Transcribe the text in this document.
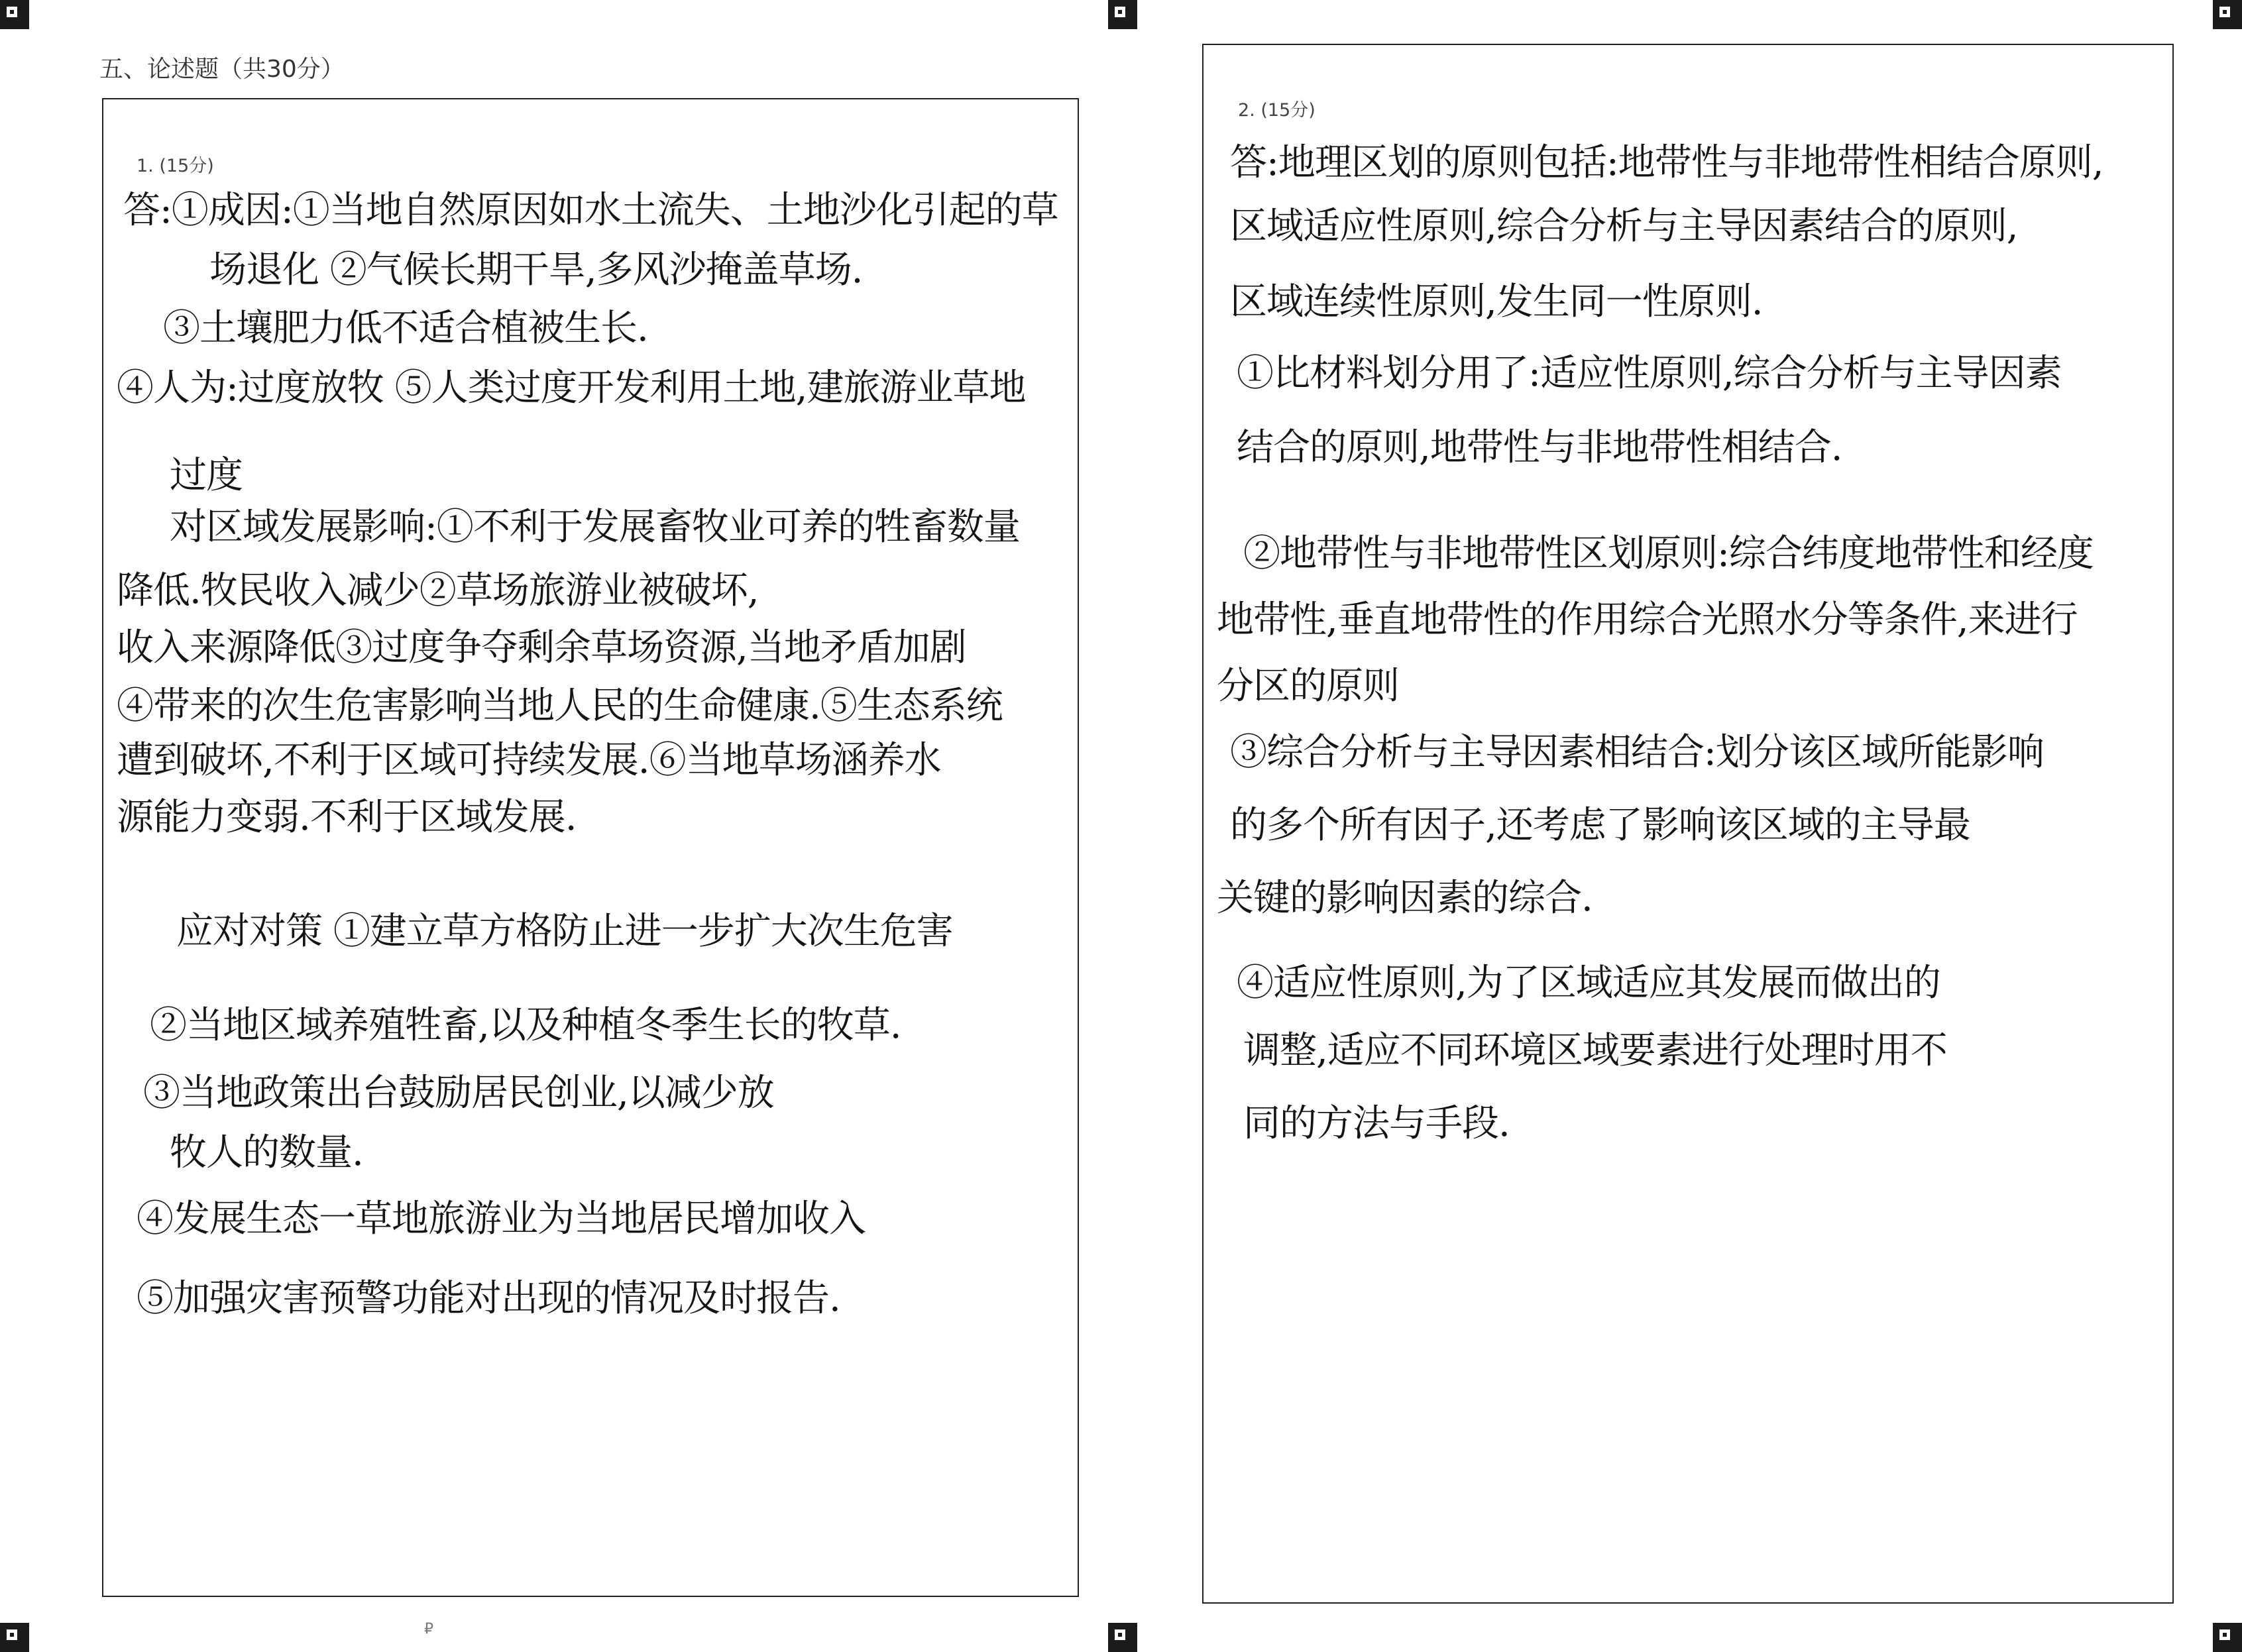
五、论述题（共30分）
1. (15分)
答:①成因:①当地自然原因如水土流失、土地沙化引起的草
场退化 ②气候长期干旱,多风沙掩盖草场.
③土壤肥力低不适合植被生长.
④人为:过度放牧 ⑤人类过度开发利用土地,建旅游业草地
过度
对区域发展影响:①不利于发展畜牧业可养的牲畜数量
降低.牧民收入减少②草场旅游业被破坏,
收入来源降低③过度争夺剩余草场资源,当地矛盾加剧
④带来的次生危害影响当地人民的生命健康.⑤生态系统
遭到破坏,不利于区域可持续发展.⑥当地草场涵养水
源能力变弱.不利于区域发展.
应对对策 ①建立草方格防止进一步扩大次生危害
②当地区域养殖牲畜,以及种植冬季生长的牧草.
③当地政策出台鼓励居民创业,以减少放
牧人的数量.
④发展生态一草地旅游业为当地居民增加收入
⑤加强灾害预警功能对出现的情况及时报告.
2. (15分)
答:地理区划的原则包括:地带性与非地带性相结合原则,
区域适应性原则,综合分析与主导因素结合的原则,
区域连续性原则,发生同一性原则.
①比材料划分用了:适应性原则,综合分析与主导因素
结合的原则,地带性与非地带性相结合.
②地带性与非地带性区划原则:综合纬度地带性和经度
地带性,垂直地带性的作用综合光照水分等条件,来进行
分区的原则
③综合分析与主导因素相结合:划分该区域所能影响
的多个所有因子,还考虑了影响该区域的主导最
关键的影响因素的综合.
④适应性原则,为了区域适应其发展而做出的
调整,适应不同环境区域要素进行处理时用不
同的方法与手段.
₽
